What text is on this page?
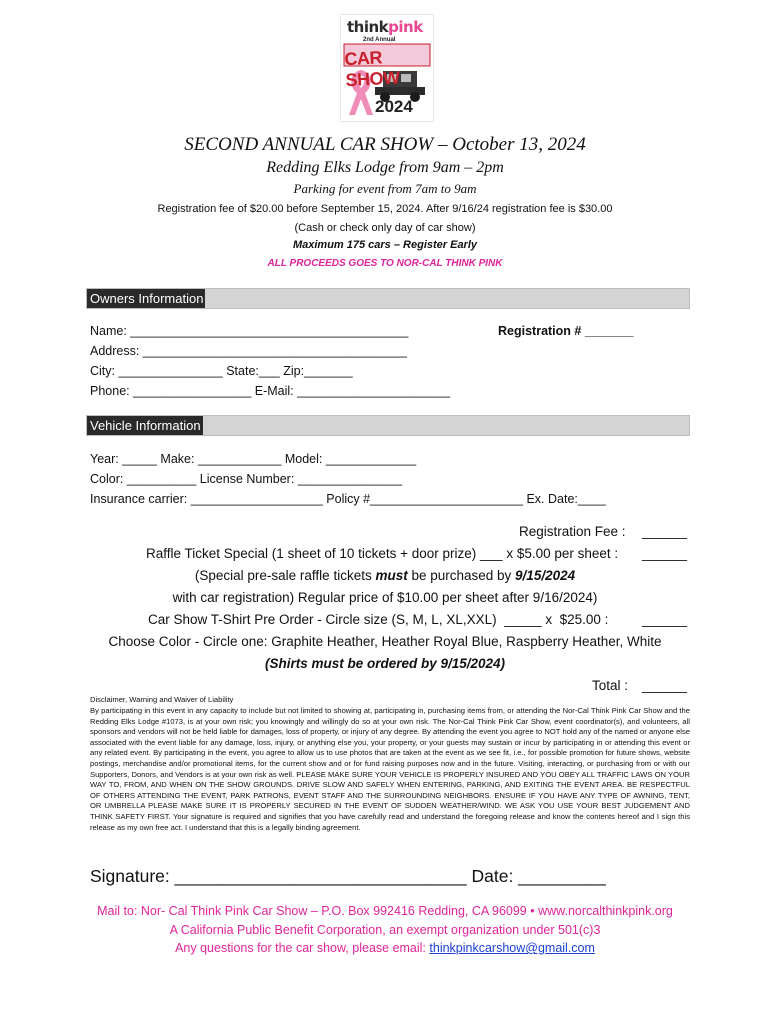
thinkpink
2nd Annual
CAR SHOW
2024
SECOND ANNUAL CAR SHOW – October 13, 2024
Redding Elks Lodge from 9am – 2pm
Parking for event from 7am to 9am
Registration fee of $20.00 before September 15, 2024. After 9/16/24 registration fee is $30.00
(Cash or check only day of car show)
Maximum 175 cars – Register Early
ALL PROCEEDS GOES TO NOR-CAL THINK PINK
Owners Information
Name: ________________________________________	Registration # _______
Address: ______________________________________
City: _______________ State:___ Zip:_______
Phone: _________________ E-Mail: ______________________
Vehicle Information
Year: _____ Make: ____________ Model: _____________
Color: __________ License Number: _______________
Insurance carrier: ___________________ Policy #______________________ Ex. Date:____
Registration Fee : ______
Raffle Ticket Special (1 sheet of 10 tickets + door prize) ___ x $5.00 per sheet : ______
(Special pre-sale raffle tickets must be purchased by 9/15/2024
with car registration) Regular price of $10.00 per sheet after 9/16/2024)
Car Show T-Shirt Pre Order - Circle size (S, M, L, XL,XXL)  _____ x  $25.00 : ______
Choose Color - Circle one: Graphite Heather, Heather Royal Blue, Raspberry Heather, White
(Shirts must be ordered by 9/15/2024)
Total : ______
Disclaimer, Warning and Waiver of Liability
By participating in this event in any capacity to include but not limited to showing at, participating in, purchasing items from, or attending the Nor-Cal Think Pink Car Show and the Redding Elks Lodge #1073, is at your own risk; you knowingly and willingly do so at your own risk. The Nor-Cal Think Pink Car Show, event coordinator(s), and volunteers, all sponsors and vendors will not be held liable for damages, loss of property, or injury of any degree. By attending the event you agree to NOT hold any of the named or anyone else associated with the event liable for any damage, loss, injury, or anything else you, your property, or your guests may sustain or incur by participating in or attending this event or any related event. By participating in the event, you agree to allow us to use photos that are taken at the event as we see fit, i.e., for possible promotion for future shows, website postings, merchandise and/or promotional items, for the current show and or for fund raising purposes now and in the future. Visiting, interacting, or purchasing from or with our Supporters, Donors, and Vendors is at your own risk as well. PLEASE MAKE SURE YOUR VEHICLE IS PROPERLY INSURED AND YOU OBEY ALL TRAFFIC LAWS ON YOUR WAY TO, FROM, AND WHEN ON THE SHOW GROUNDS. DRIVE SLOW AND SAFELY WHEN ENTERING, PARKING, AND EXITING THE EVENT AREA. BE RESPECTFUL OF OTHERS ATTENDING THE EVENT, PARK PATRONS, EVENT STAFF AND THE SURROUNDING NEIGHBORS. ENSURE IF YOU HAVE ANY TYPE OF AWNING, TENT, OR UMBRELLA PLEASE MAKE SURE IT IS PROPERLY SECURED IN THE EVENT OF SUDDEN WEATHER/WIND. WE ASK YOU USE YOUR BEST JUDGEMENT AND THINK SAFETY FIRST. Your signature is required and signifies that you have carefully read and understand the foregoing release and know the contents hereof and I sign this release as my own free act. I understand that this is a legally binding agreement.
Signature: ______________________________ Date: _________
Mail to: Nor- Cal Think Pink Car Show – P.O. Box 992416 Redding, CA 96099 • www.norcalthinkpink.org
A California Public Benefit Corporation, an exempt organization under 501(c)3
Any questions for the car show, please email: thinkpinkcarshow@gmail.com
